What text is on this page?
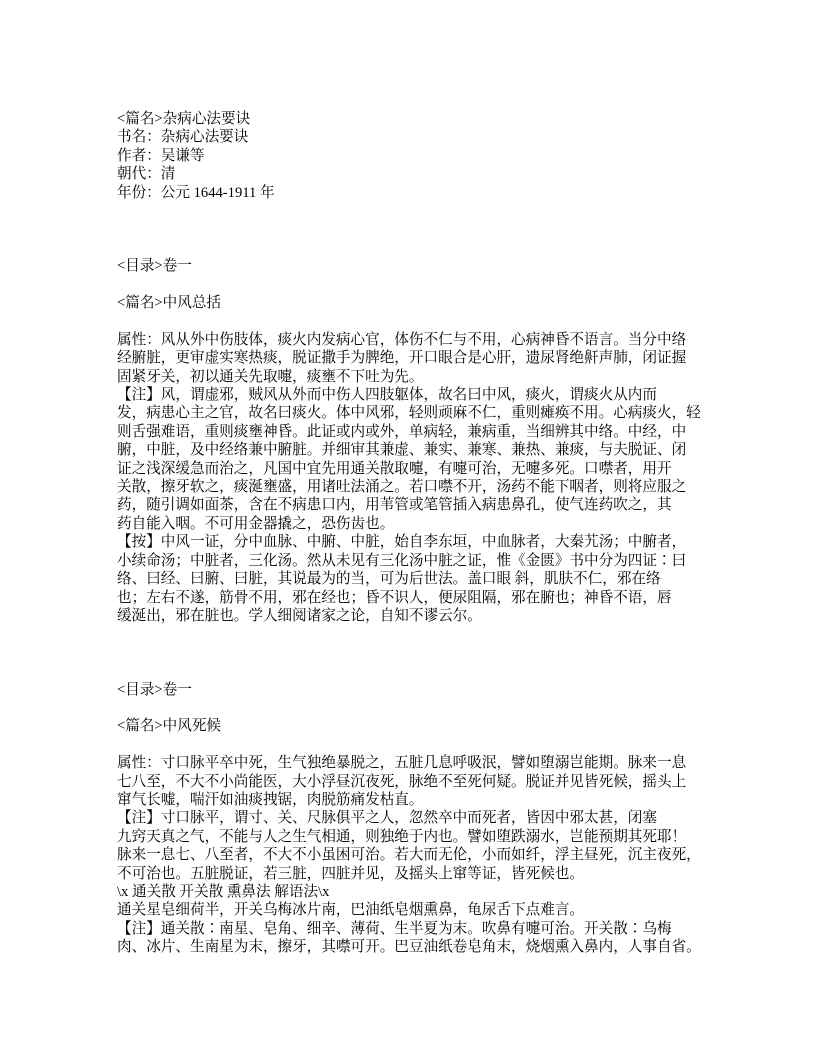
<篇名>杂病心法要诀
书名：杂病心法要诀
作者：吴谦等
朝代：清
年份：公元 1644-1911 年
<目录>卷一
<篇名>中风总括
属性：风从外中伤肢体，痰火内发病心官，体伤不仁与不用，心病神昏不语言。当分中络
经腑脏，更审虚实寒热痰，脱证撒手为脾绝，开口眼合是心肝，遗尿肾绝鼾声肺，闭证握
固紧牙关，初以通关先取嚏，痰壅不下吐为先。
【注】风，谓虚邪，贼风从外而中伤人四肢躯体，故名曰中风，痰火，谓痰火从内而
发，病患心主之官，故名曰痰火。体中风邪，轻则顽麻不仁，重则瘫痪不用。心病痰火，轻
则舌强难语，重则痰壅神昏。此证或内或外，单病轻，兼病重，当细辨其中络。中经，中
腑，中脏，及中经络兼中腑脏。并细审其兼虚、兼实、兼寒、兼热、兼痰，与夫脱证、闭
证之浅深缓急而治之，凡国中宜先用通关散取嚏，有嚏可治，无嚏多死。口噤者，用开
关散，擦牙软之，痰涎壅盛，用诸吐法涌之。若口噤不开，汤药不能下咽者，则将应服之
药，随引调如面茶，含在不病患口内，用苇管或笔管插入病患鼻孔，使气连药吹之，其
药自能入咽。不可用金器撬之，恐伤齿也。
【按】中风一证，分中血脉、中腑、中脏，始自李东垣，中血脉者，大秦艽汤；中腑者，
小续命汤；中脏者，三化汤。然从未见有三化汤中脏之证，惟《金匮》书中分为四证∶曰
络、曰经、曰腑、曰脏，其说最为的当，可为后世法。盖口眼 斜，肌肤不仁，邪在络
也；左右不遂，筋骨不用，邪在经也；昏不识人，便尿阻隔，邪在腑也；神昏不语，唇
缓涎出，邪在脏也。学人细阅诸家之论，自知不谬云尔。
<目录>卷一
<篇名>中风死候
属性：寸口脉平卒中死，生气独绝暴脱之，五脏几息呼吸泯，譬如堕溺岂能期。脉来一息
七八至，不大不小尚能医，大小浮昼沉夜死，脉绝不至死何疑。脱证并见皆死候，摇头上
窜气长嘘，喘汗如油痰拽锯，肉脱筋痛发枯直。
【注】寸口脉平，谓寸、关、尺脉俱平之人，忽然卒中而死者，皆因中邪太甚，闭塞
九窍天真之气，不能与人之生气相通，则独绝于内也。譬如堕跌溺水，岂能预期其死耶！
脉来一息七、八至者，不大不小虽困可治。若大而无伦，小而如纤，浮主昼死，沉主夜死，
不可治也。五脏脱证，若三脏，四脏并见，及摇头上窜等证，皆死候也。
\x 通关散 开关散 熏鼻法 解语法\x
通关星皂细荷半，开关乌梅冰片南，巴油纸皂烟熏鼻，龟尿舌下点难言。
【注】通关散∶南星、皂角、细辛、薄荷、生半夏为末。吹鼻有嚏可治。开关散∶乌梅
肉、冰片、生南星为末，擦牙，其噤可开。巴豆油纸卷皂角末，烧烟熏入鼻内，人事自省。
